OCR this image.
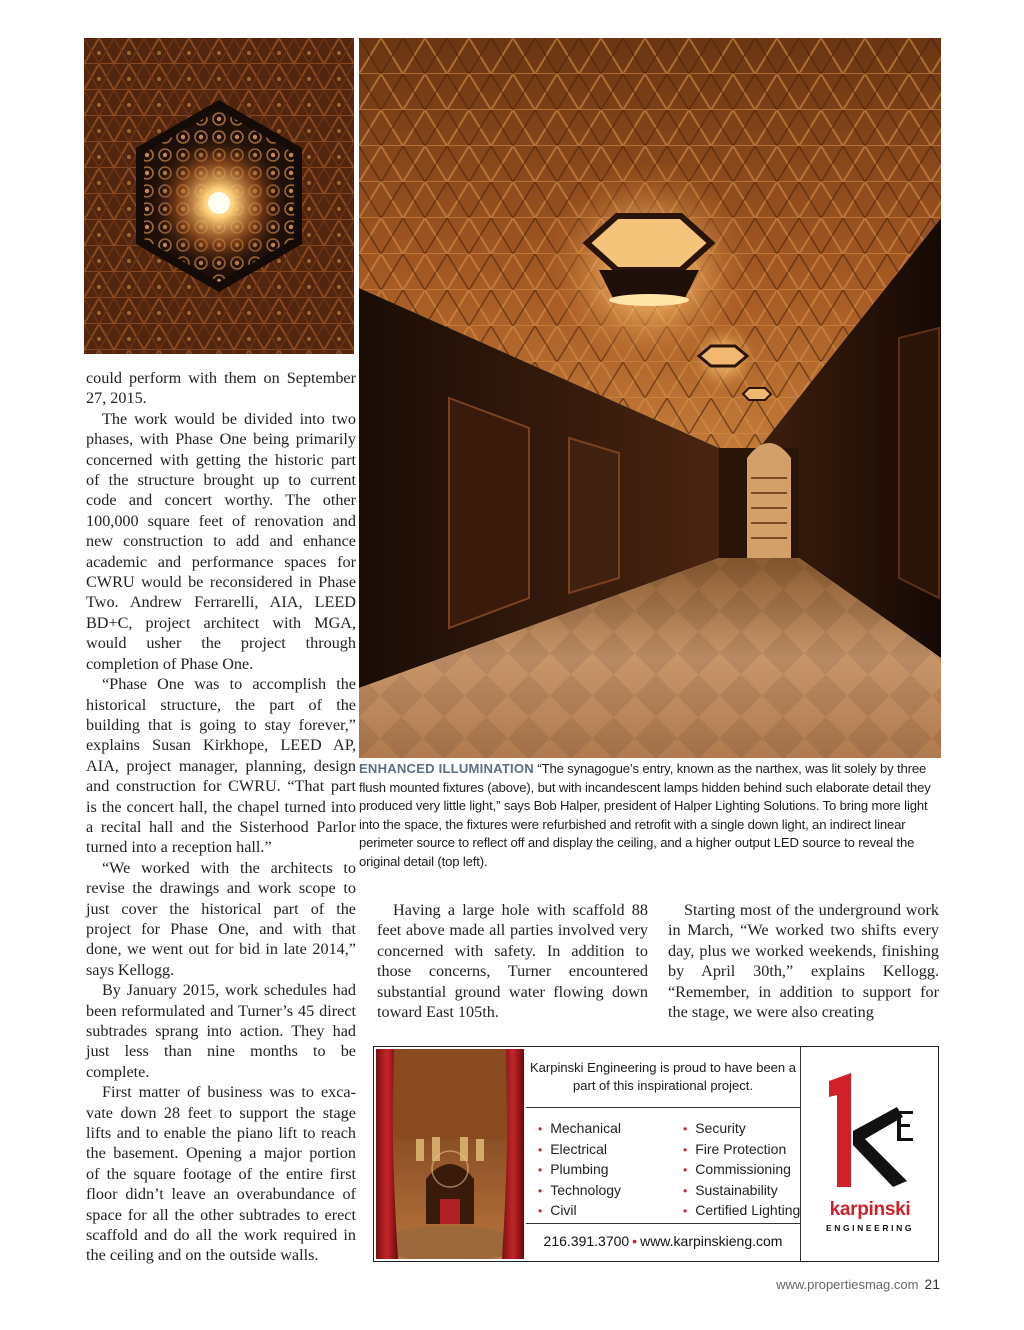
ENHANCED ILLUMINATION “The synagogue’s entry, known as the narthex, was lit solely by three flush mounted fixtures (above), but with incandescent lamps hidden behind such elaborate detail they produced very little light,” says Bob Halper, president of Halper Lighting Solutions. To bring more light into the space, the fixtures were refurbished and retrofit with a single down light, an indirect linear perimeter source to reflect off and display the ceiling, and a higher output LED source to reveal the original detail (top left).

could perform with them on September 27, 2015.

The work would be divided into two phases, with Phase One being primarily concerned with getting the historic part of the structure brought up to current code and concert worthy. The other 100,000 square feet of renovation and new construction to add and enhance academic and performance spaces for CWRU would be reconsidered in Phase Two. Andrew Ferrarelli, AIA, LEED BD+C, project architect with MGA, would usher the project through completion of Phase One.

“Phase One was to accomplish the historical structure, the part of the building that is going to stay forever,” explains Susan Kirkhope, LEED AP, AIA, project manager, planning, design and construction for CWRU. “That part is the concert hall, the chapel turned into a recital hall and the Sisterhood Parlor turned into a reception hall.”

“We worked with the architects to revise the drawings and work scope to just cover the historical part of the project for Phase One, and with that done, we went out for bid in late 2014,” says Kellogg.

By January 2015, work schedules had been reformulated and Turner’s 45 direct subtrades sprang into action. They had just less than nine months to be complete.

First matter of business was to excavate down 28 feet to support the stage lifts and to enable the piano lift to reach the basement. Opening a major portion of the square footage of the entire first floor didn’t leave an overabundance of space for all the other subtrades to erect scaffold and do all the work required in the ceiling and on the outside walls.

Having a large hole with scaffold 88 feet above made all parties involved very concerned with safety. In addition to those concerns, Turner encountered substantial ground water flowing down toward East 105th.

Starting most of the underground work in March, “We worked two shifts every day, plus we worked weekends, finishing by April 30th,” explains Kellogg. “Remember, in addition to support for the stage, we were also creating

Karpinski Engineering is proud to have been a part of this inspirational project.
• Mechanical
• Electrical
• Plumbing
• Technology
• Civil
• Security
• Fire Protection
• Commissioning
• Sustainability
• Certified Lighting
216.391.3700 • www.karpinskieng.com
karpinski
ENGINEERING
www.propertiesmag.com 21
